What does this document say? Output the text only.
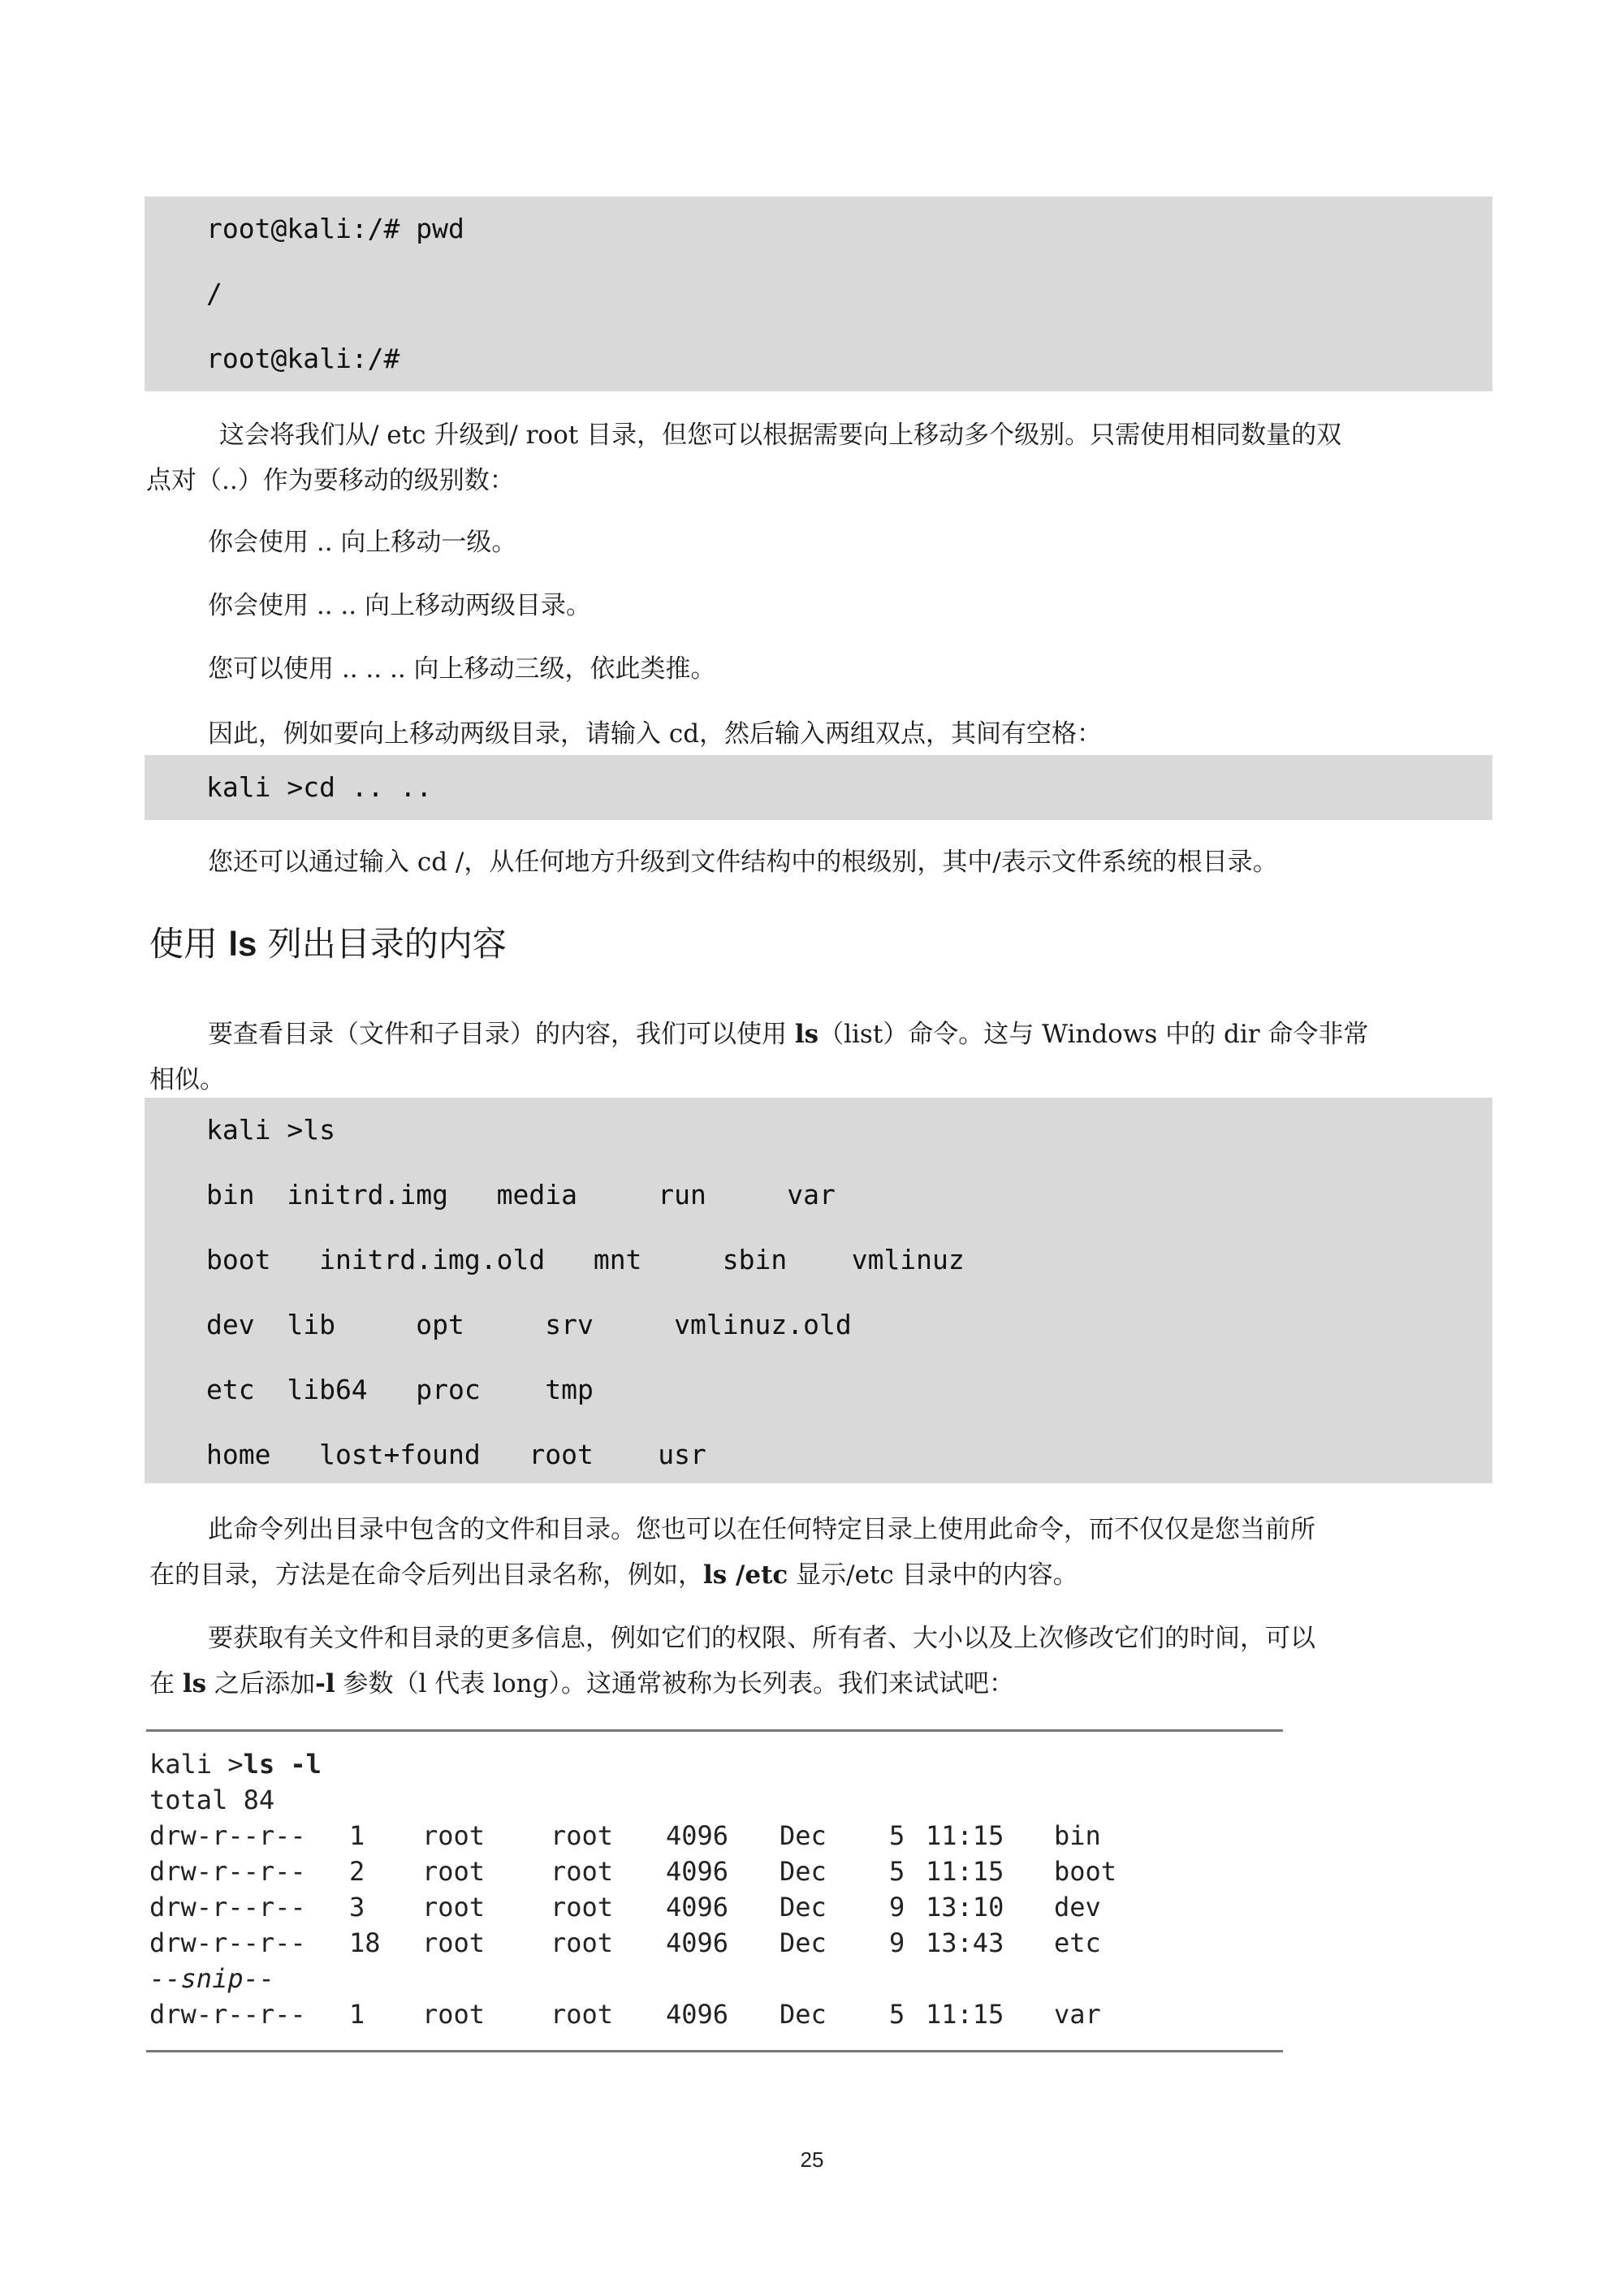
root@kali:/# pwd
/
root@kali:/#
这会将我们从/ etc 升级到/ root 目录，但您可以根据需要向上移动多个级别。只需使用相同数量的双
点对（..）作为要移动的级别数：
你会使用 .. 向上移动一级。
你会使用 .. .. 向上移动两级目录。
您可以使用 .. .. .. 向上移动三级，依此类推。
因此，例如要向上移动两级目录，请输入 cd，然后输入两组双点，其间有空格：
kali >cd .. ..
您还可以通过输入 cd /，从任何地方升级到文件结构中的根级别，其中/表示文件系统的根目录。
使用 ls 列出目录的内容
要查看目录（文件和子目录）的内容，我们可以使用 ls（list）命令。这与 Windows 中的 dir 命令非常
相似。
kali >ls
bin  initrd.img   media     run     var
boot   initrd.img.old   mnt     sbin    vmlinuz
dev  lib     opt     srv     vmlinuz.old
etc  lib64   proc    tmp
home   lost+found   root    usr
此命令列出目录中包含的文件和目录。您也可以在任何特定目录上使用此命令，而不仅仅是您当前所
在的目录，方法是在命令后列出目录名称，例如，ls /etc 显示/etc 目录中的内容。
要获取有关文件和目录的更多信息，例如它们的权限、所有者、大小以及上次修改它们的时间，可以
在 ls 之后添加-l 参数（l 代表 long）。这通常被称为长列表。我们来试试吧：
kali >ls -l
total 84
drw-r--r-- 1 root	root 4096 Dec 5 11:15 bin
drw-r--r-- 2 root	root 4096 Dec 5 11:15 boot
drw-r--r-- 3 root	root 4096 Dec 9 13:10 dev
drw-r--r-- 18 root	root 4096 Dec 9 13:43 etc
--snip--
drw-r--r-- 1 root	root 4096 Dec 5 11:15 var
25
